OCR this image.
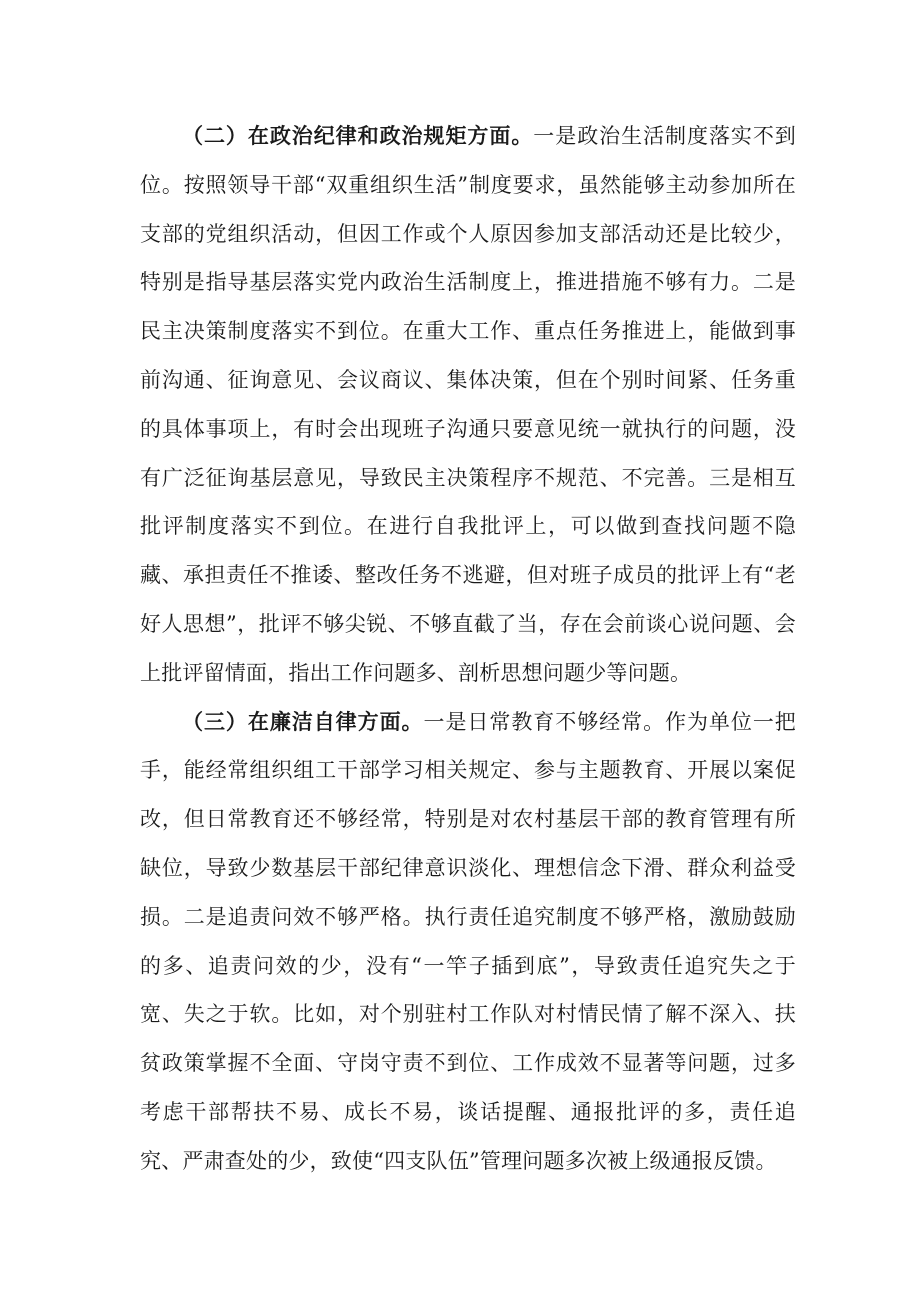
（二）在政治纪律和政治规矩方面。一是政治生活制度落实不到位。按照领导干部“双重组织生活”制度要求，虽然能够主动参加所在支部的党组织活动，但因工作或个人原因参加支部活动还是比较少，特别是指导基层落实党内政治生活制度上，推进措施不够有力。二是民主决策制度落实不到位。在重大工作、重点任务推进上，能做到事前沟通、征询意见、会议商议、集体决策，但在个别时间紧、任务重的具体事项上，有时会出现班子沟通只要意见统一就执行的问题，没有广泛征询基层意见，导致民主决策程序不规范、不完善。三是相互批评制度落实不到位。在进行自我批评上，可以做到查找问题不隐藏、承担责任不推诿、整改任务不逃避，但对班子成员的批评上有“老好人思想”，批评不够尖锐、不够直截了当，存在会前谈心说问题、会上批评留情面，指出工作问题多、剖析思想问题少等问题。

（三）在廉洁自律方面。一是日常教育不够经常。作为单位一把手，能经常组织组工干部学习相关规定、参与主题教育、开展以案促改，但日常教育还不够经常，特别是对农村基层干部的教育管理有所缺位，导致少数基层干部纪律意识淡化、理想信念下滑、群众利益受损。二是追责问效不够严格。执行责任追究制度不够严格，激励鼓励的多、追责问效的少，没有“一竿子插到底”，导致责任追究失之于宽、失之于软。比如，对个别驻村工作队对村情民情了解不深入、扶贫政策掌握不全面、守岗守责不到位、工作成效不显著等问题，过多考虑干部帮扶不易、成长不易，谈话提醒、通报批评的多，责任追究、严肃查处的少，致使“四支队伍”管理问题多次被上级通报反馈。
